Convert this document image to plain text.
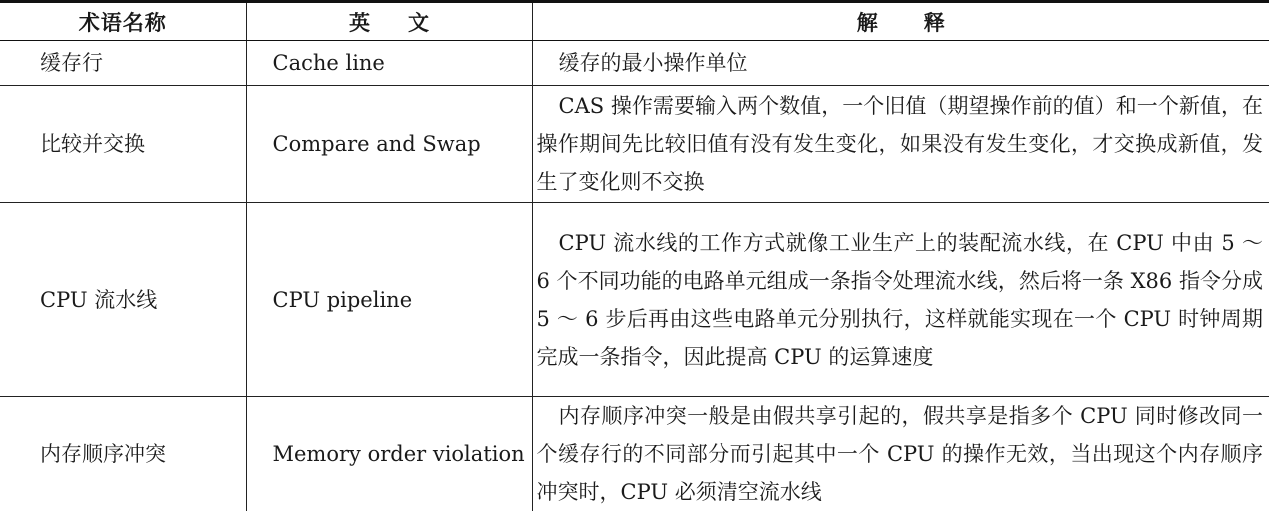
术语名称	英文	解释
缓存行	Cache line	缓存的最小操作单位

比较并交换	Compare and Swap	CAS 操作需要输入两个数值，一个旧值（期望操作前的值）和一个新值，在操作期间先比较旧值有没有发生变化，如果没有发生变化，才交换成新值，发生了变化则不交换

CPU 流水线	CPU pipeline	CPU 流水线的工作方式就像工业生产上的装配流水线，在 CPU 中由 5 ～ 6 个不同功能的电路单元组成一条指令处理流水线，然后将一条 X86 指令分成 5 ～ 6 步后再由这些电路单元分别执行，这样就能实现在一个 CPU 时钟周期完成一条指令，因此提高 CPU 的运算速度

内存顺序冲突	Memory order violation	内存顺序冲突一般是由假共享引起的，假共享是指多个 CPU 同时修改同一个缓存行的不同部分而引起其中一个 CPU 的操作无效，当出现这个内存顺序冲突时，CPU 必须清空流水线
